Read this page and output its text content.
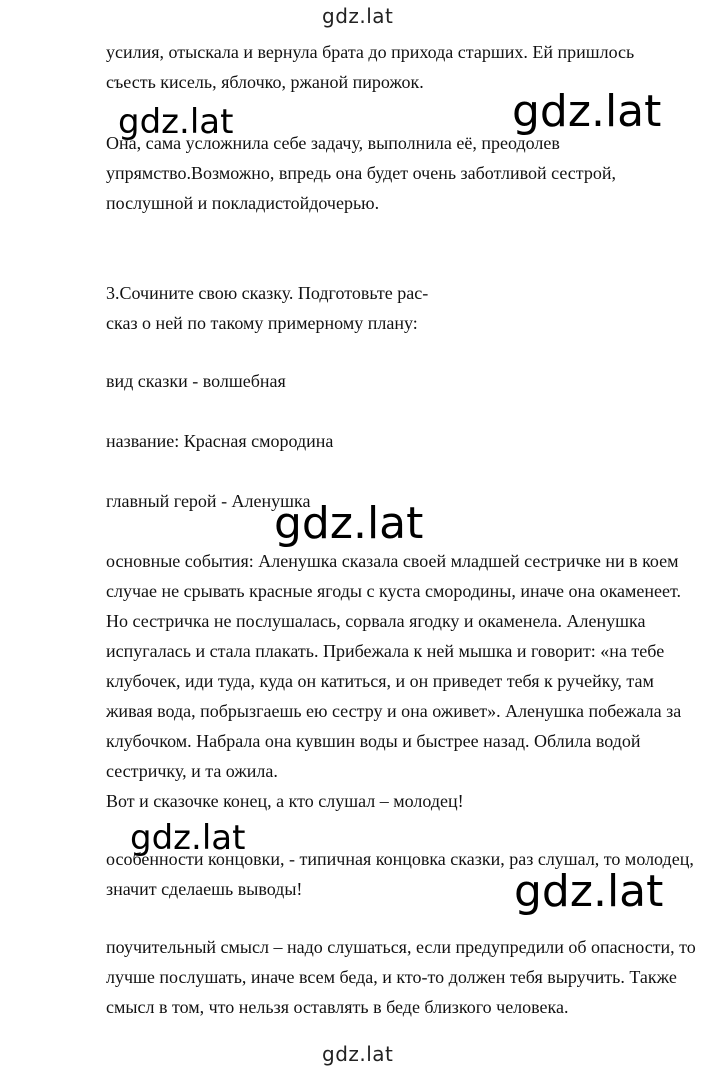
gdz.lat
усилия, отыскала и вернула брата до прихода старших. Ей пришлось
съесть кисель, яблочко, ржаной пирожок.
Она, сама усложнила себе задачу, выполнила её, преодолев
упрямство.Возможно, впредь она будет очень заботливой сестрой,
послушной и покладистойдочерью.
gdz.lat	gdz.lat
3.Сочините свою сказку. Подготовьте рас-
сказ о ней по такому примерному плану:
вид сказки - волшебная
название: Красная смородина
главный герой - Аленушка
gdz.lat
основные события: Аленушка сказала своей младшей сестричке ни в коем
случае не срывать красные ягоды с куста смородины, иначе она окаменеет.
Но сестричка не послушалась, сорвала ягодку и окаменела. Аленушка
испугалась и стала плакать. Прибежала к ней мышка и говорит: «на тебе
клубочек, иди туда, куда он катиться, и он приведет тебя к ручейку, там
живая вода, побрызгаешь ею сестру и она оживет». Аленушка побежала за
клубочком. Набрала она кувшин воды и быстрее назад. Облила водой
сестричку, и та ожила.
Вот и сказочке конец, а кто слушал – молодец!
особенности концовки, - типичная концовка сказки, раз слушал, то молодец,
значит сделаешь выводы!
gdz.lat
gdz.lat
поучительный смысл – надо слушаться, если предупредили об опасности, то
лучше послушать, иначе всем беда, и кто-то должен тебя выручить. Также
смысл в том, что нельзя оставлять в беде близкого человека.
gdz.lat
